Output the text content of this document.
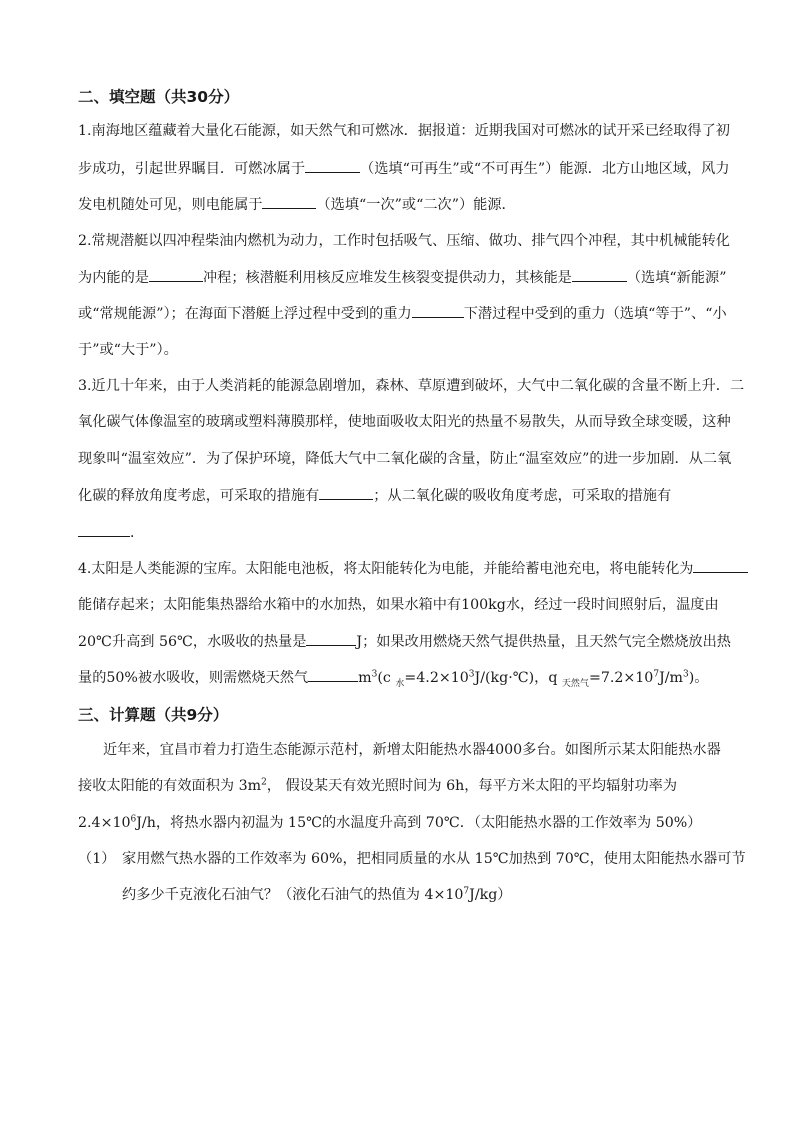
二、填空题（共30分）
1.南海地区蕴藏着大量化石能源，如天然气和可燃冰．据报道：近期我国对可燃冰的试开采已经取得了初
步成功，引起世界瞩目．可燃冰属于	（选填“可再生”或“不可再生”）能源．北方山地区域，风力
发电机随处可见，则电能属于	（选填“一次”或“二次”）能源．
2.常规潜艇以四冲程柴油内燃机为动力，工作时包括吸气、压缩、做功、排气四个冲程，其中机械能转化
为内能的是	冲程；核潜艇利用核反应堆发生核裂变提供动力，其核能是	（选填“新能源”
或“常规能源”）；在海面下潜艇上浮过程中受到的重力	下潜过程中受到的重力（选填“等于”、“小
于”或“大于”）。
3.近几十年来，由于人类消耗的能源急剧增加，森林、草原遭到破坏，大气中二氧化碳的含量不断上升．二
氧化碳气体像温室的玻璃或塑料薄膜那样，使地面吸收太阳光的热量不易散失，从而导致全球变暖，这种
现象叫“温室效应”．为了保护环境，降低大气中二氧化碳的含量，防止“温室效应”的进一步加剧．从二氧
化碳的释放角度考虑，可采取的措施有	；从二氧化碳的吸收角度考虑，可采取的措施有
．
4.太阳是人类能源的宝库。太阳能电池板，将太阳能转化为电能，并能给蓄电池充电，将电能转化为
能储存起来；太阳能集热器给水箱中的水加热，如果水箱中有100kg水，经过一段时间照射后，温度由
20℃升高到 56℃，水吸收的热量是	J；如果改用燃烧天然气提供热量，且天然气完全燃烧放出热
量的50%被水吸收，则需燃烧天然气	$m^3(c$ $_水=4.2\times 10^3J/(kg\cdot℃)$，q $_{天然气}=7.2\times 10^7J/m^3$)。
三、计算题（共9分）
近年来，宜昌市着力打造生态能源示范村，新增太阳能热水器4000多台。如图所示某太阳能热水器
接收太阳能的有效面积为 $3m^2$， 假设某天有效光照时间为 6h，每平方米太阳的平均辐射功率为
$2.4\times 10^6J/h$，将热水器内初温为 15℃的水温度升高到 70℃．（太阳能热水器的工作效率为 50%）
（1） 家用燃气热水器的工作效率为 60%，把相同质量的水从 15℃加热到 70℃，使用太阳能热水器可节
约多少千克液化石油气？（液化石油气的热值为 $4\times 10^7J/kg$）
